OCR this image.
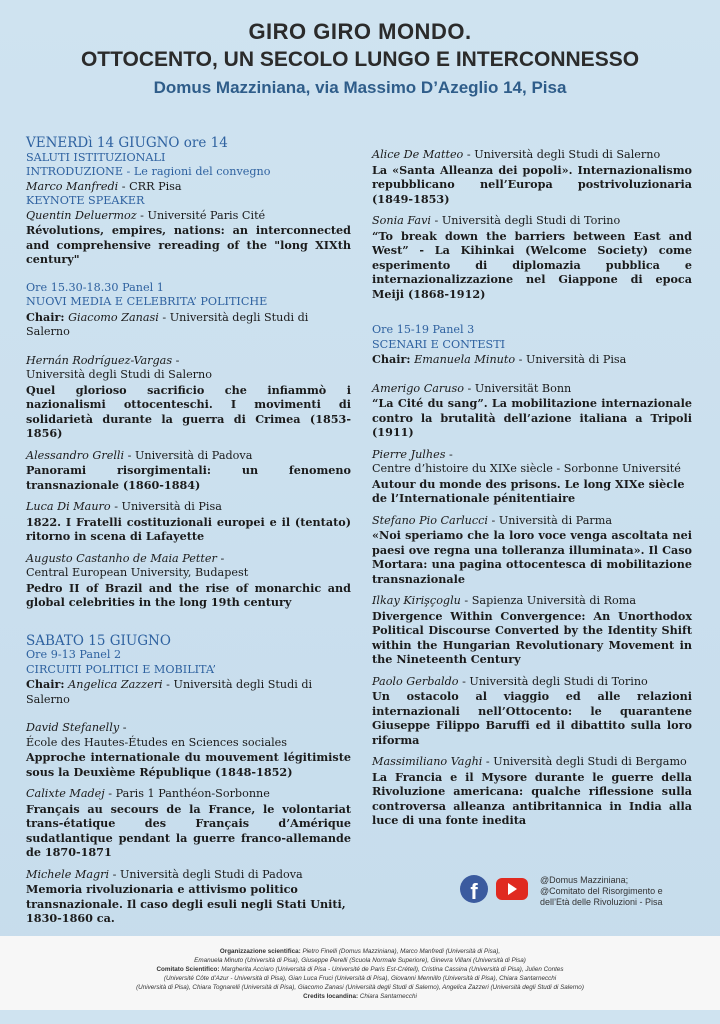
GIRO GIRO MONDO.
OTTOCENTO, UN SECOLO LUNGO E INTERCONNESSO
Domus Mazziniana, via Massimo D’Azeglio 14, Pisa
VENERDì 14 GIUGNO ore 14
SALUTI ISTITUZIONALI
INTRODUZIONE - Le ragioni del convegno
Marco Manfredi - CRR Pisa
KEYNOTE SPEAKER
Quentin Deluermoz - Université Paris Cité
Révolutions, empires, nations: an interconnected and comprehensive rereading of the "long XIXth century"
Ore 15.30-18.30 Panel 1
NUOVI MEDIA E CELEBRITA’ POLITICHE
Chair: Giacomo Zanasi - Università degli Studi di Salerno
Hernán Rodríguez-Vargas -
Università degli Studi di Salerno
Quel glorioso sacrificio che infiammò i nazionalismi ottocenteschi. I movimenti di solidarietà durante la guerra di Crimea (1853-1856)
Alessandro Grelli - Università di Padova
Panorami risorgimentali: un fenomeno transnazionale (1860-1884)
Luca Di Mauro - Università di Pisa
1822. I Fratelli costituzionali europei e il (tentato) ritorno in scena di Lafayette
Augusto Castanho de Maia Petter -
Central European University, Budapest
Pedro II of Brazil and the rise of monarchic and global celebrities in the long 19th century
SABATO 15 GIUGNO
Ore 9-13 Panel 2
CIRCUITI POLITICI E MOBILITA’
Chair: Angelica Zazzeri - Università degli Studi di Salerno
David Stefanelly -
École des Hautes-Études en Sciences sociales
Approche internationale du mouvement légitimiste sous la Deuxième République (1848-1852)
Calixte Madej - Paris 1 Panthéon-Sorbonne
Français au secours de la France, le volontariat trans-étatique des Français d’Amérique sudatlantique pendant la guerre franco-allemande de 1870-1871
Michele Magri - Università degli Studi di Padova
Memoria rivoluzionaria e attivismo politico transnazionale. Il caso degli esuli negli Stati Uniti, 1830-1860 ca.
Alice De Matteo - Università degli Studi di Salerno
La «Santa Alleanza dei popoli». Internazionalismo repubblicano nell’Europa postrivoluzionaria (1849-1853)
Sonia Favi - Università degli Studi di Torino
“To break down the barriers between East and West” - La Kihinkai (Welcome Society) come esperimento di diplomazia pubblica e internazionalizzazione nel Giappone di epoca Meiji (1868-1912)
Ore 15-19 Panel 3
SCENARI E CONTESTI
Chair: Emanuela Minuto - Università di Pisa
Amerigo Caruso - Universität Bonn
“La Cité du sang”. La mobilitazione internazionale contro la brutalità dell’azione italiana a Tripoli (1911)
Pierre Julhes -
Centre d’histoire du XIXe siècle - Sorbonne Université
Autour du monde des prisons. Le long XIXe siècle de l’Internationale pénitentiaire
Stefano Pio Carlucci - Università di Parma
«Noi speriamo che la loro voce venga ascoltata nei paesi ove regna una tolleranza illuminata». Il Caso Mortara: una pagina ottocentesca di mobilitazione transnazionale
Ilkay Kirişçoglu - Sapienza Università di Roma
Divergence Within Convergence: An Unorthodox Political Discourse Converted by the Identity Shift within the Hungarian Revolutionary Movement in the Nineteenth Century
Paolo Gerbaldo - Università degli Studi di Torino
Un ostacolo al viaggio ed alle relazioni internazionali nell’Ottocento: le quarantene Giuseppe Filippo Baruffi ed il dibattito sulla loro riforma
Massimiliano Vaghi - Università degli Studi di Bergamo
La Francia e il Mysore durante le guerre della Rivoluzione americana: qualche riflessione sulla controversa alleanza antibritannica in India alla luce di una fonte inedita
f	@Domus Mazziniana;
@Comitato del Risorgimento e
dell’Età delle Rivoluzioni - Pisa
Organizzazione scientifica: Pietro Finelli (Domus Mazziniana), Marco Manfredi (Università di Pisa),
Emanuela Minuto (Università di Pisa), Giuseppe Perelli (Scuola Normale Superiore), Ginevra Villani (Università di Pisa)
Comitato Scientifico: Margherita Acciaro (Università di Pisa - Université de Paris Est-Créteil), Cristina Cassina (Università di Pisa), Julien Contes
(Université Côte d’Azur - Università di Pisa), Gian Luca Fruci (Università di Pisa), Giovanni Mennillo (Università di Pisa), Chiara Santarnecchi
(Università di Pisa), Chiara Tognarelli (Università di Pisa), Giacomo Zanasi (Università degli Studi di Salerno), Angelica Zazzeri (Università degli Studi di Salerno)
Credits locandina: Chiara Santarnecchi
